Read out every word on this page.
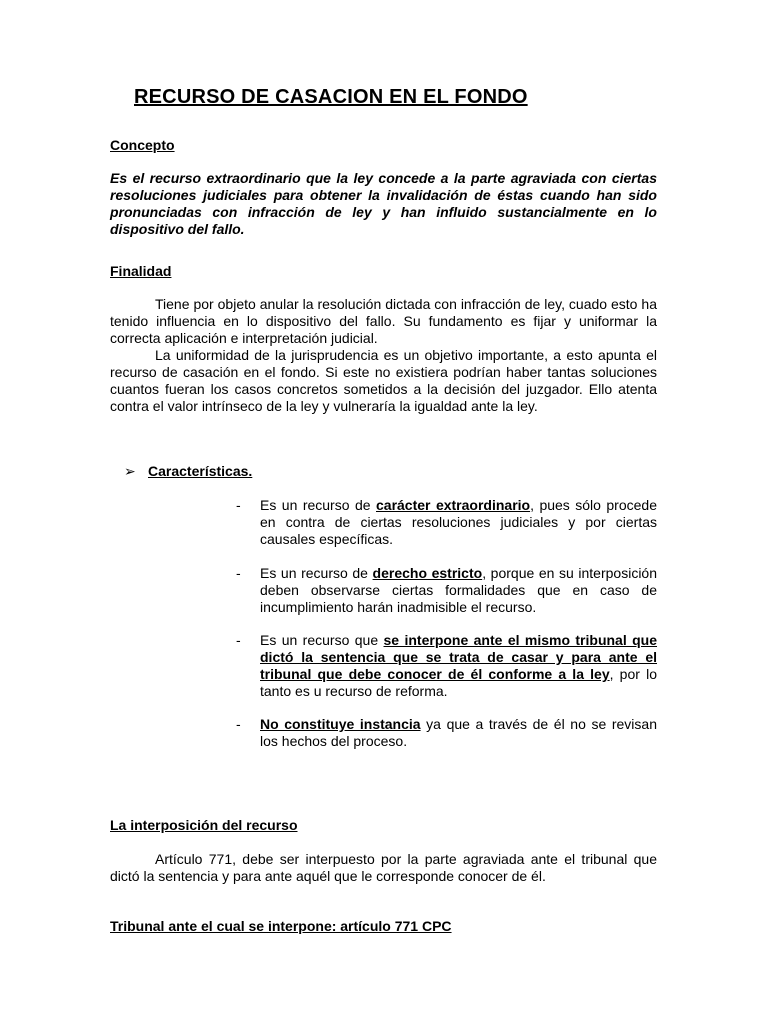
RECURSO DE CASACION EN EL FONDO
Concepto
Es el recurso extraordinario que la ley concede a la parte agraviada con ciertas resoluciones judiciales para obtener la invalidación de éstas cuando han sido pronunciadas con infracción de ley y han influido sustancialmente en lo dispositivo del fallo.
Finalidad
Tiene por objeto anular la resolución dictada con infracción de ley, cuado esto ha tenido influencia en lo dispositivo del fallo. Su fundamento es fijar y uniformar la correcta aplicación e interpretación judicial.
La uniformidad de la jurisprudencia es un objetivo importante, a esto apunta el recurso de casación en el fondo. Si este no existiera podrían haber tantas soluciones cuantos fueran los casos concretos sometidos a la decisión del juzgador. Ello atenta contra el valor intrínseco de la ley y vulneraría la igualdad ante la ley.
➢ Características.
- Es un recurso de carácter extraordinario, pues sólo procede en contra de ciertas resoluciones judiciales y por ciertas causales específicas.
- Es un recurso de derecho estricto, porque en su interposición deben observarse ciertas formalidades que en caso de incumplimiento harán inadmisible el recurso.
- Es un recurso que se interpone ante el mismo tribunal que dictó la sentencia que se trata de casar y para ante el tribunal que debe conocer de él conforme a la ley, por lo tanto es u recurso de reforma.
- No constituye instancia ya que a través de él no se revisan los hechos del proceso.
La interposición del recurso
Artículo 771, debe ser interpuesto por la parte agraviada ante el tribunal que dictó la sentencia y para ante aquél que le corresponde conocer de él.
Tribunal ante el cual se interpone: artículo 771 CPC
